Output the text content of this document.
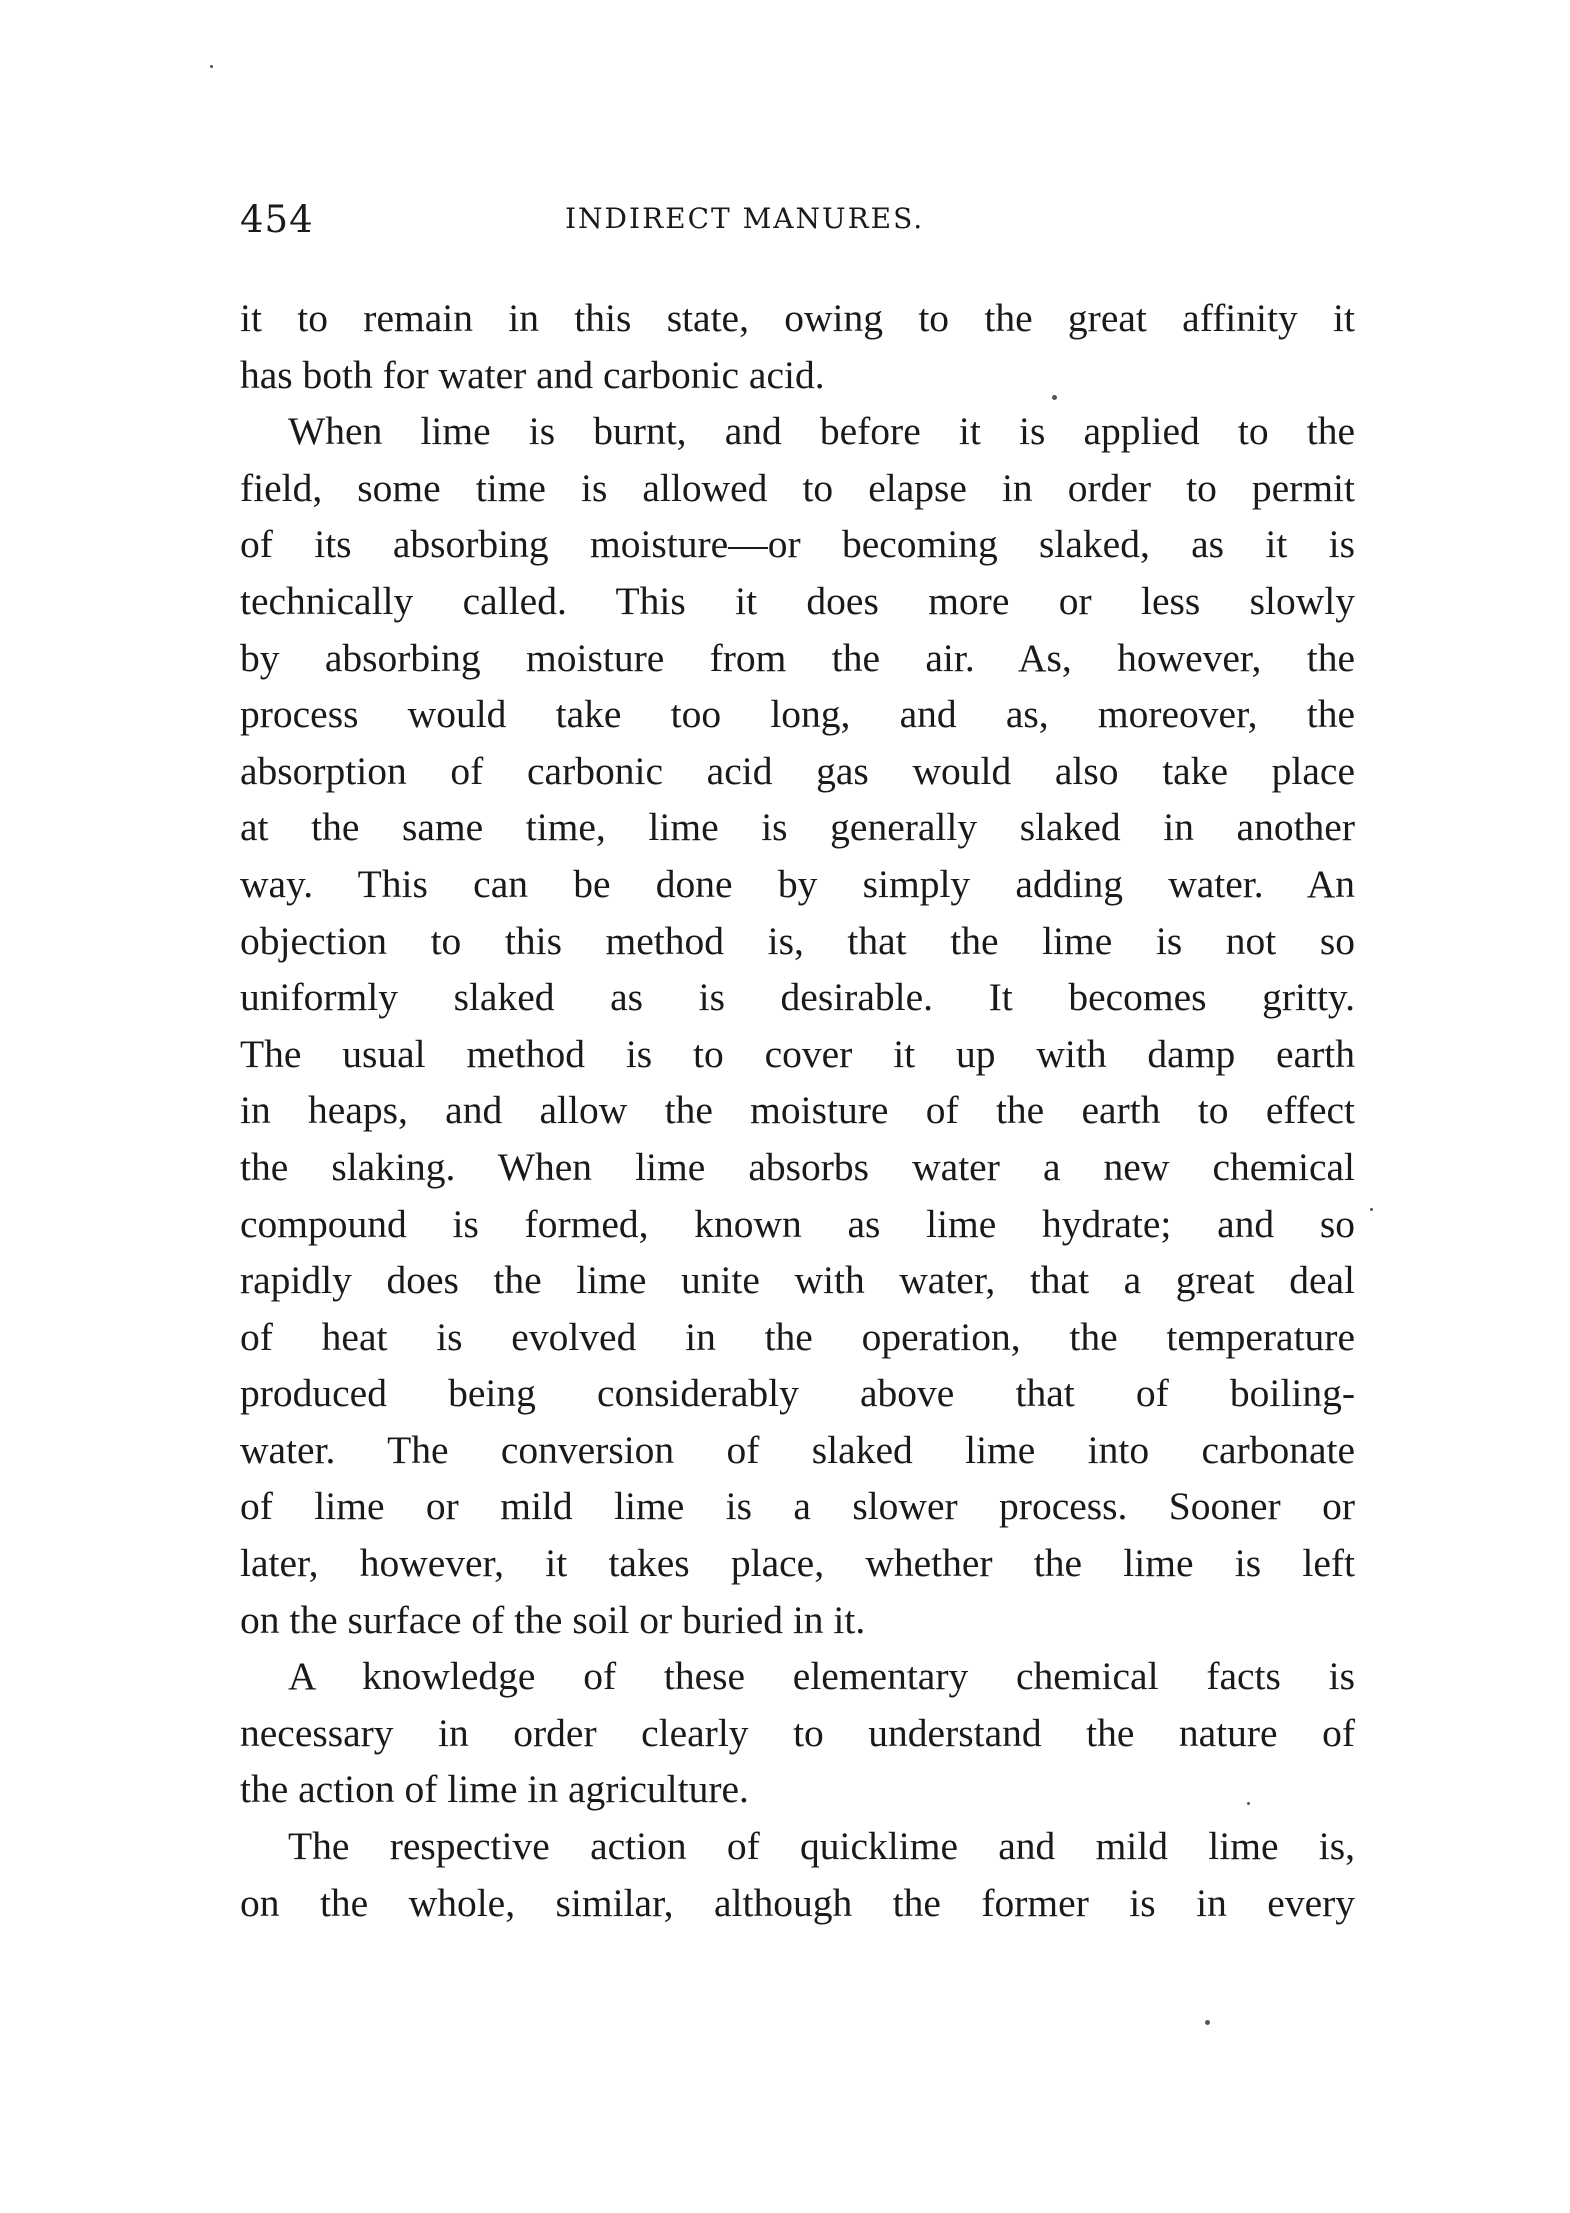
454	INDIRECT MANURES.
it to remain in this state, owing to the great affinity it
has both for water and carbonic acid.
When lime is burnt, and before it is applied to the
field, some time is allowed to elapse in order to permit
of its absorbing moisture—or becoming slaked, as it is
technically called. This it does more or less slowly
by absorbing moisture from the air. As, however, the
process would take too long, and as, moreover, the
absorption of carbonic acid gas would also take place
at the same time, lime is generally slaked in another
way. This can be done by simply adding water. An
objection to this method is, that the lime is not so
uniformly slaked as is desirable. It becomes gritty.
The usual method is to cover it up with damp earth
in heaps, and allow the moisture of the earth to effect
the slaking. When lime absorbs water a new chemical
compound is formed, known as lime hydrate; and so
rapidly does the lime unite with water, that a great deal
of heat is evolved in the operation, the temperature
produced being considerably above that of boiling-
water. The conversion of slaked lime into carbonate
of lime or mild lime is a slower process. Sooner or
later, however, it takes place, whether the lime is left
on the surface of the soil or buried in it.
A knowledge of these elementary chemical facts is
necessary in order clearly to understand the nature of
the action of lime in agriculture.
The respective action of quicklime and mild lime is,
on the whole, similar, although the former is in every
